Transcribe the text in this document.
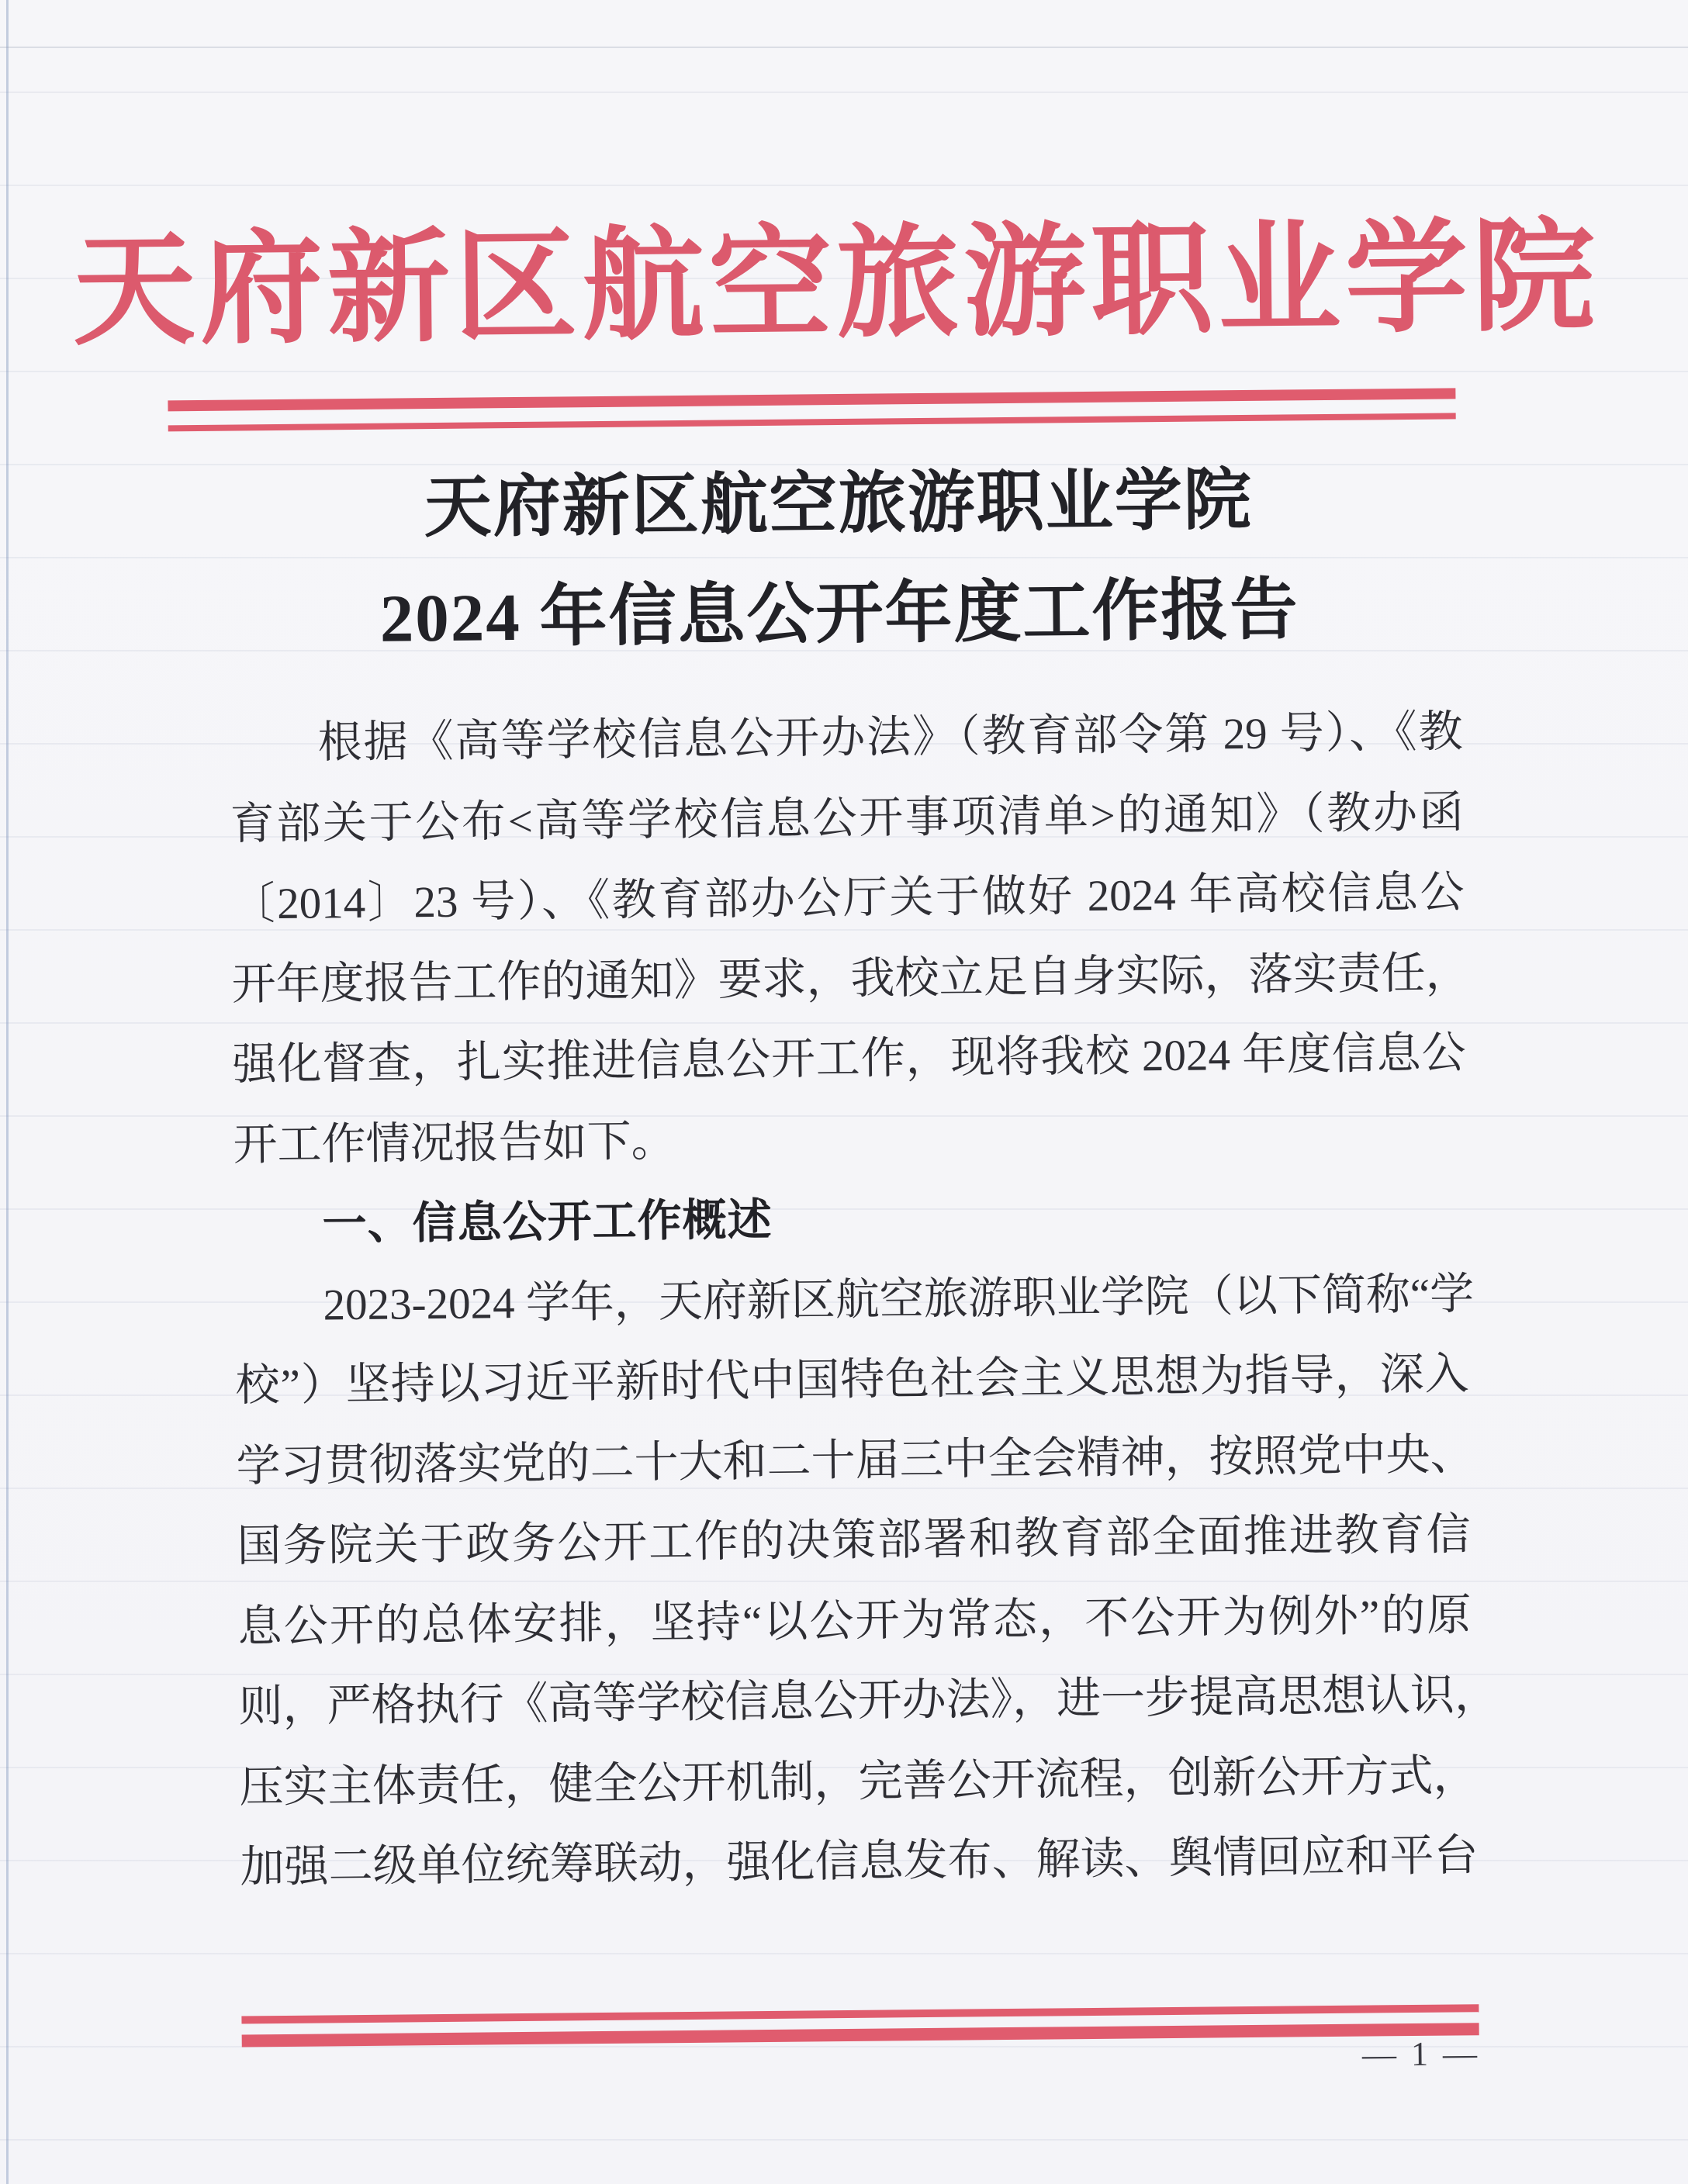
天府新区航空旅游职业学院
天府新区航空旅游职业学院
2024 年信息公开年度工作报告
根据《高等学校信息公开办法》（教育部令第 29 号）、《教
育部关于公布<高等学校信息公开事项清单>的通知》（教办函
〔2014〕23 号）、《教育部办公厅关于做好 2024 年高校信息公
开年度报告工作的通知》要求，我校立足自身实际，落实责任，
强化督查，扎实推进信息公开工作，现将我校 2024 年度信息公
开工作情况报告如下。
一、信息公开工作概述
2023-2024 学年，天府新区航空旅游职业学院（以下简称“学
校”）坚持以习近平新时代中国特色社会主义思想为指导，深入
学习贯彻落实党的二十大和二十届三中全会精神，按照党中央、
国务院关于政务公开工作的决策部署和教育部全面推进教育信
息公开的总体安排，坚持“以公开为常态，不公开为例外”的原
则，严格执行《高等学校信息公开办法》，进一步提高思想认识，
压实主体责任，健全公开机制，完善公开流程，创新公开方式，
加强二级单位统筹联动，强化信息发布、解读、舆情回应和平台
— 1 —
